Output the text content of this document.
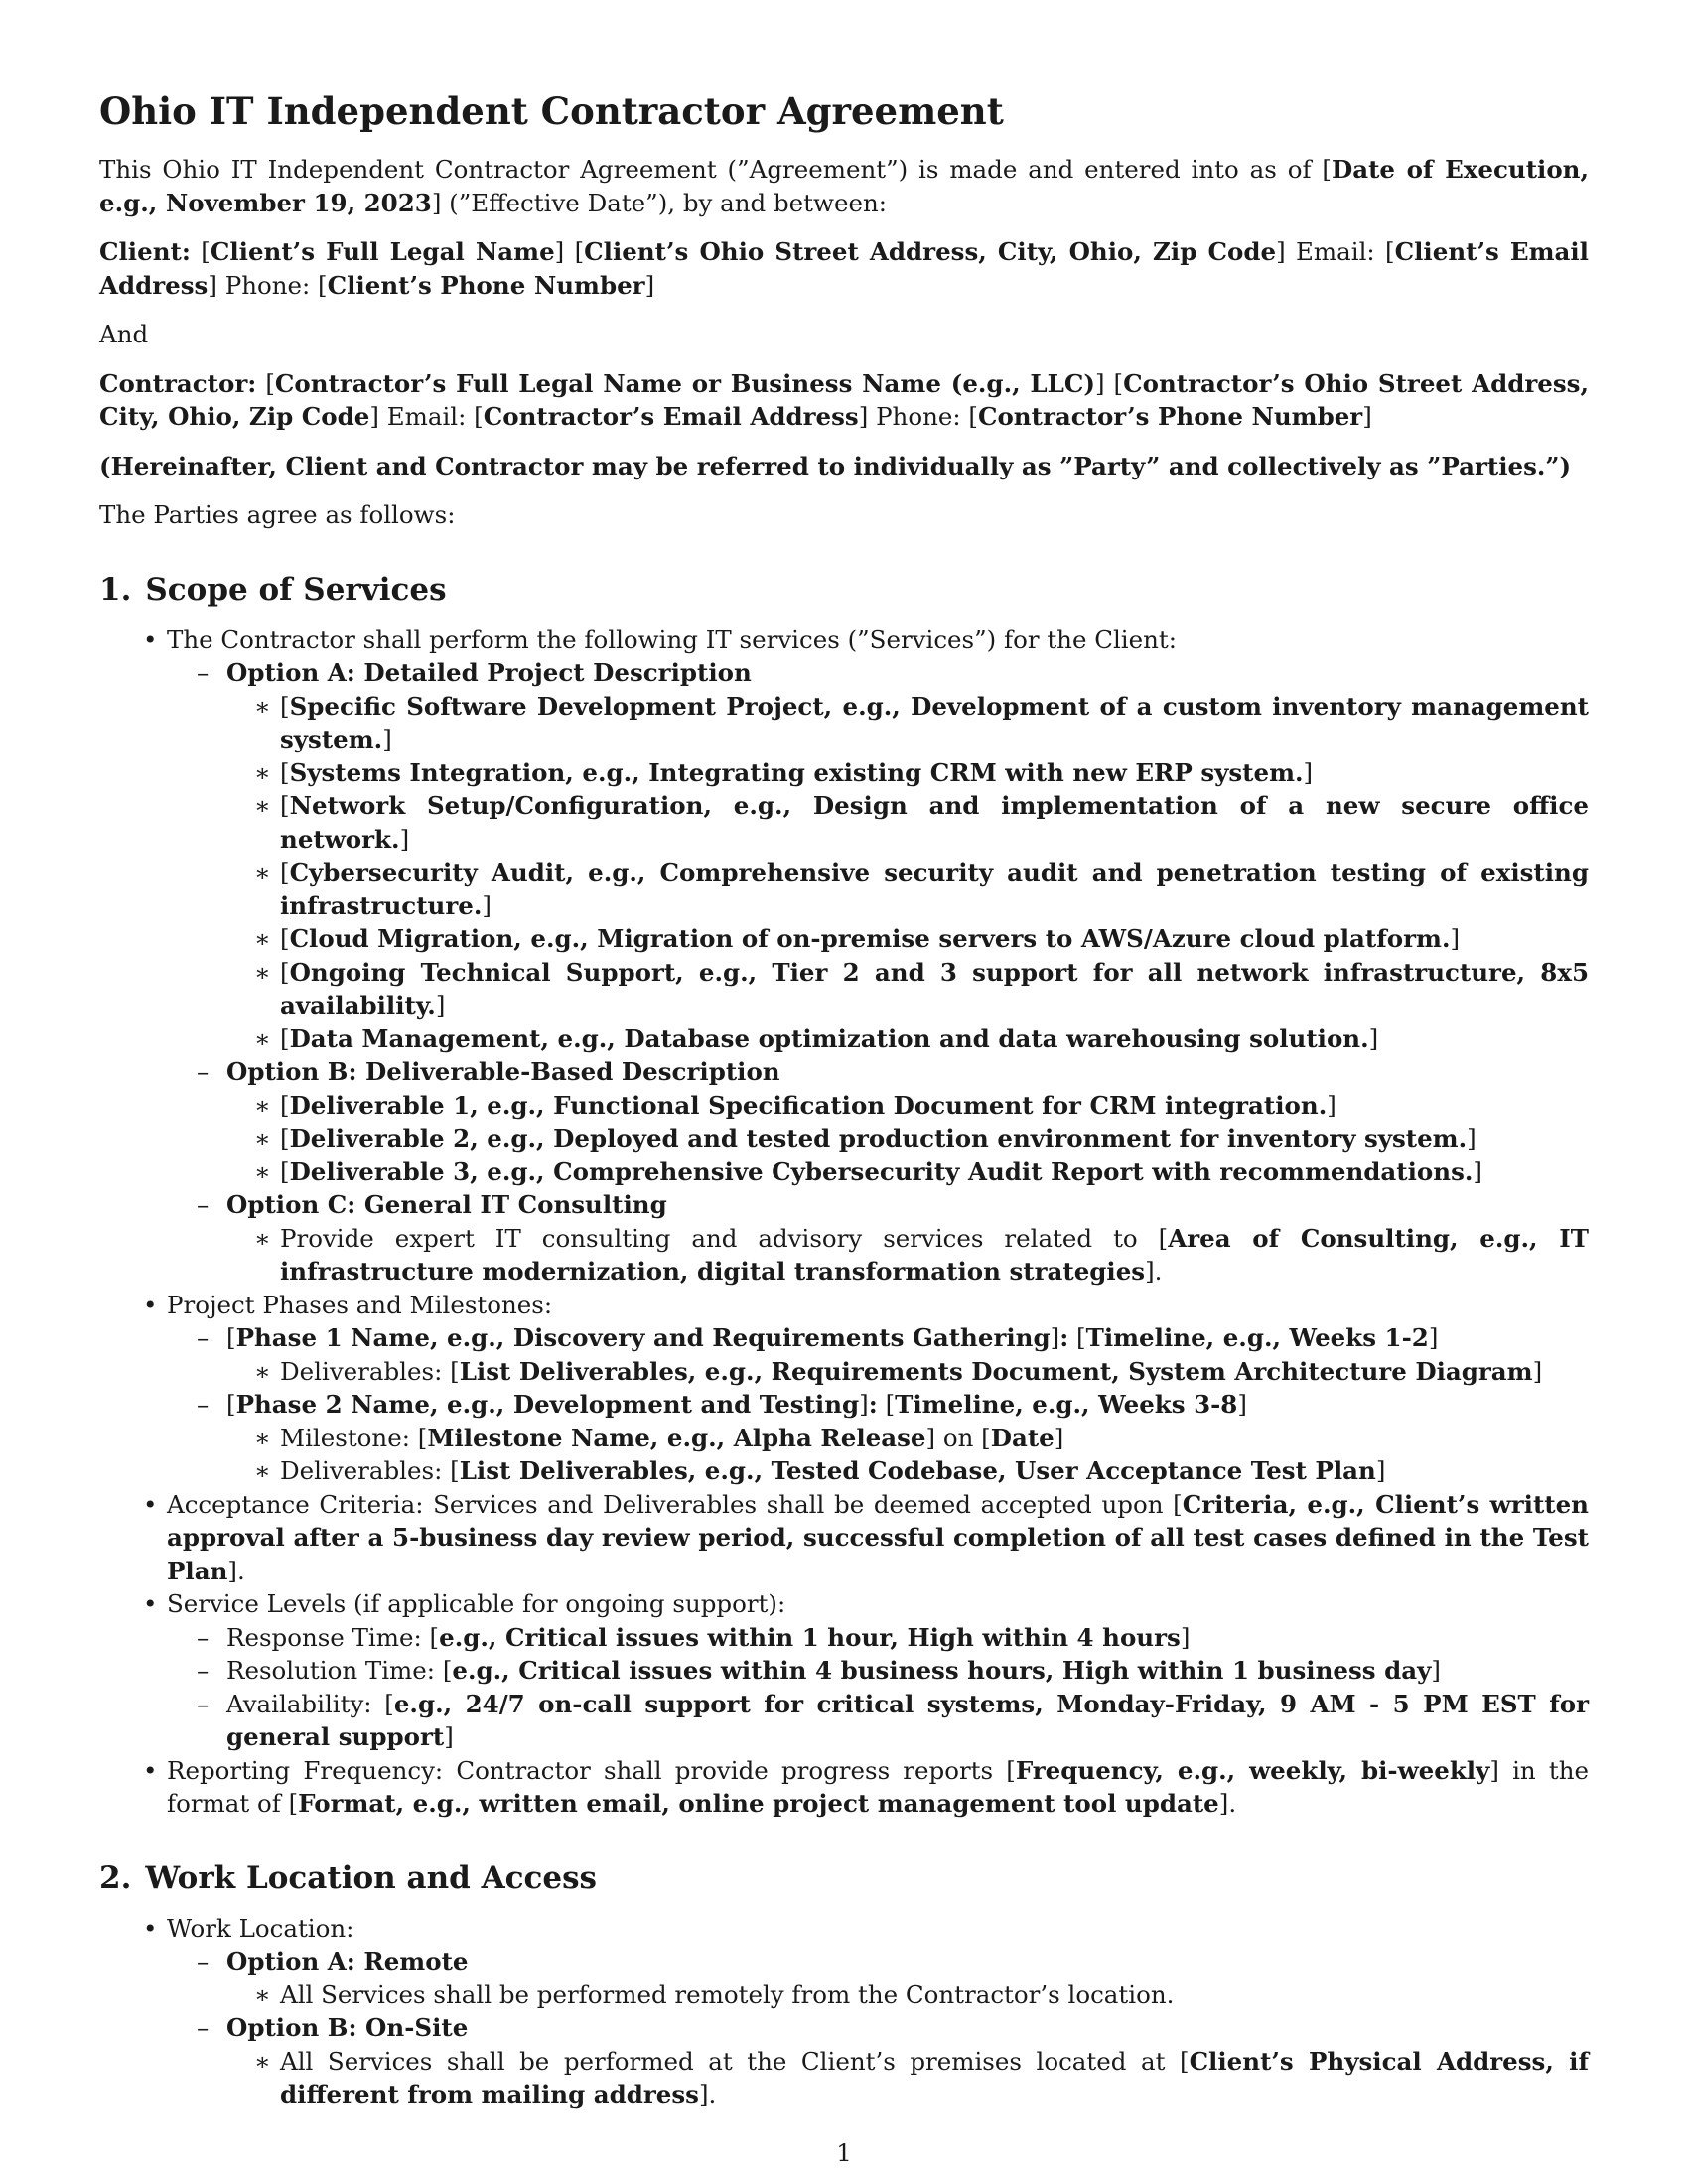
Ohio IT Independent Contractor Agreement

This Ohio IT Independent Contractor Agreement (”Agreement”) is made and entered into as of [Date of Execution, e.g., November 19, 2023] (”Effective Date”), by and between:

Client: [Client’s Full Legal Name] [Client’s Ohio Street Address, City, Ohio, Zip Code] Email: [Client’s Email Address] Phone: [Client’s Phone Number]

And

Contractor: [Contractor’s Full Legal Name or Business Name (e.g., LLC)] [Contractor’s Ohio Street Address, City, Ohio, Zip Code] Email: [Contractor’s Email Address] Phone: [Contractor’s Phone Number]

(Hereinafter, Client and Contractor may be referred to individually as ”Party” and collectively as ”Parties.”)

The Parties agree as follows:

1. Scope of Services
• The Contractor shall perform the following IT services (”Services”) for the Client:
– Option A: Detailed Project Description
∗ [Specific Software Development Project, e.g., Development of a custom inventory management system.]
∗ [Systems Integration, e.g., Integrating existing CRM with new ERP system.]
∗ [Network Setup/Configuration, e.g., Design and implementation of a new secure office network.]
∗ [Cybersecurity Audit, e.g., Comprehensive security audit and penetration testing of existing infrastructure.]
∗ [Cloud Migration, e.g., Migration of on-premise servers to AWS/Azure cloud platform.]
∗ [Ongoing Technical Support, e.g., Tier 2 and 3 support for all network infrastructure, 8x5 availability.]
∗ [Data Management, e.g., Database optimization and data warehousing solution.]
– Option B: Deliverable-Based Description
∗ [Deliverable 1, e.g., Functional Specification Document for CRM integration.]
∗ [Deliverable 2, e.g., Deployed and tested production environment for inventory system.]
∗ [Deliverable 3, e.g., Comprehensive Cybersecurity Audit Report with recommendations.]
– Option C: General IT Consulting
∗ Provide expert IT consulting and advisory services related to [Area of Consulting, e.g., IT infrastructure modernization, digital transformation strategies].
• Project Phases and Milestones:
– [Phase 1 Name, e.g., Discovery and Requirements Gathering]: [Timeline, e.g., Weeks 1-2]
∗ Deliverables: [List Deliverables, e.g., Requirements Document, System Architecture Diagram]
– [Phase 2 Name, e.g., Development and Testing]: [Timeline, e.g., Weeks 3-8]
∗ Milestone: [Milestone Name, e.g., Alpha Release] on [Date]
∗ Deliverables: [List Deliverables, e.g., Tested Codebase, User Acceptance Test Plan]
• Acceptance Criteria: Services and Deliverables shall be deemed accepted upon [Criteria, e.g., Client’s written approval after a 5-business day review period, successful completion of all test cases defined in the Test Plan].
• Service Levels (if applicable for ongoing support):
– Response Time: [e.g., Critical issues within 1 hour, High within 4 hours]
– Resolution Time: [e.g., Critical issues within 4 business hours, High within 1 business day]
– Availability: [e.g., 24/7 on-call support for critical systems, Monday-Friday, 9 AM - 5 PM EST for general support]
• Reporting Frequency: Contractor shall provide progress reports [Frequency, e.g., weekly, bi-weekly] in the format of [Format, e.g., written email, online project management tool update].
2. Work Location and Access
• Work Location:
– Option A: Remote
∗ All Services shall be performed remotely from the Contractor’s location.
– Option B: On-Site
∗ All Services shall be performed at the Client’s premises located at [Client’s Physical Address, if different from mailing address].
1
